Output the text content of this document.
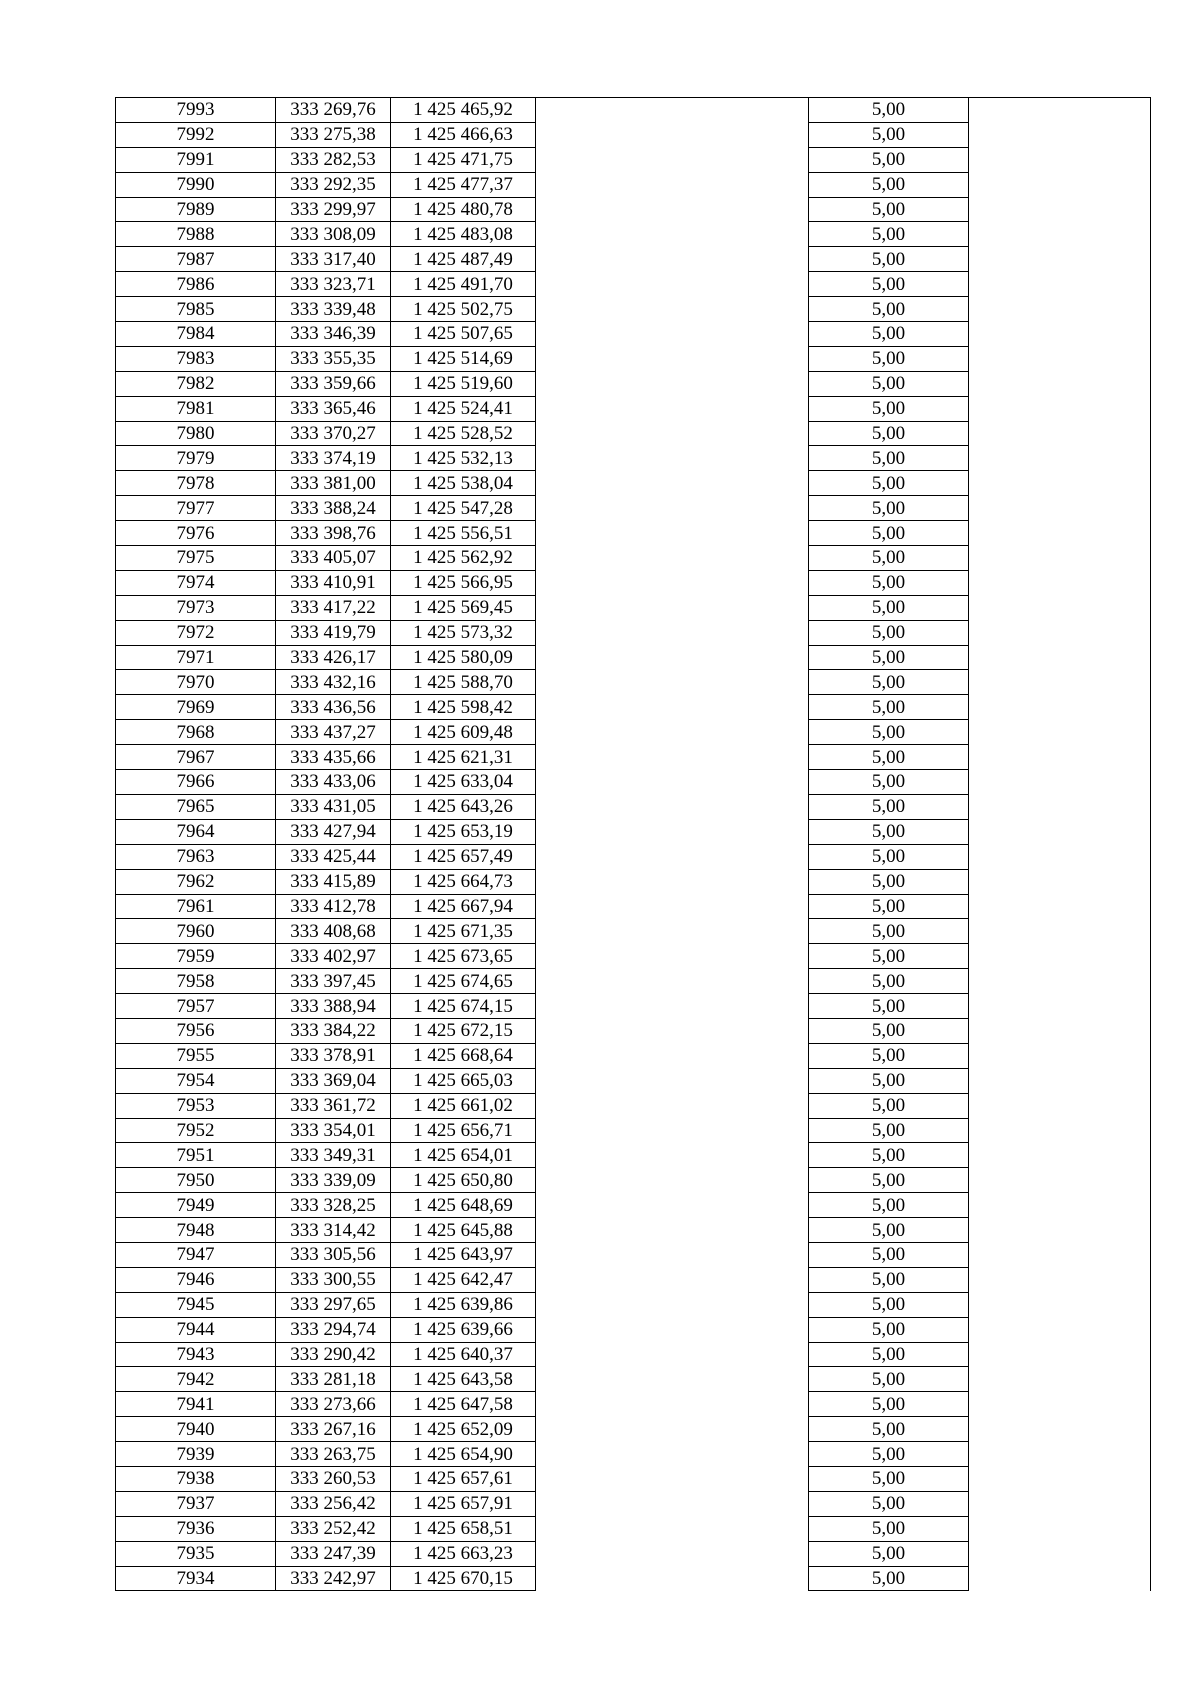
7993	333 269,76	1 425 465,92		5,00	
7992	333 275,38	1 425 466,63		5,00	
7991	333 282,53	1 425 471,75		5,00	
7990	333 292,35	1 425 477,37		5,00	
7989	333 299,97	1 425 480,78		5,00	
7988	333 308,09	1 425 483,08		5,00	
7987	333 317,40	1 425 487,49		5,00	
7986	333 323,71	1 425 491,70		5,00	
7985	333 339,48	1 425 502,75		5,00	
7984	333 346,39	1 425 507,65		5,00	
7983	333 355,35	1 425 514,69		5,00	
7982	333 359,66	1 425 519,60		5,00	
7981	333 365,46	1 425 524,41		5,00	
7980	333 370,27	1 425 528,52		5,00	
7979	333 374,19	1 425 532,13		5,00	
7978	333 381,00	1 425 538,04		5,00	
7977	333 388,24	1 425 547,28		5,00	
7976	333 398,76	1 425 556,51		5,00	
7975	333 405,07	1 425 562,92		5,00	
7974	333 410,91	1 425 566,95		5,00	
7973	333 417,22	1 425 569,45		5,00	
7972	333 419,79	1 425 573,32		5,00	
7971	333 426,17	1 425 580,09		5,00	
7970	333 432,16	1 425 588,70		5,00	
7969	333 436,56	1 425 598,42		5,00	
7968	333 437,27	1 425 609,48		5,00	
7967	333 435,66	1 425 621,31		5,00	
7966	333 433,06	1 425 633,04		5,00	
7965	333 431,05	1 425 643,26		5,00	
7964	333 427,94	1 425 653,19		5,00	
7963	333 425,44	1 425 657,49		5,00	
7962	333 415,89	1 425 664,73		5,00	
7961	333 412,78	1 425 667,94		5,00	
7960	333 408,68	1 425 671,35		5,00	
7959	333 402,97	1 425 673,65		5,00	
7958	333 397,45	1 425 674,65		5,00	
7957	333 388,94	1 425 674,15		5,00	
7956	333 384,22	1 425 672,15		5,00	
7955	333 378,91	1 425 668,64		5,00	
7954	333 369,04	1 425 665,03		5,00	
7953	333 361,72	1 425 661,02		5,00	
7952	333 354,01	1 425 656,71		5,00	
7951	333 349,31	1 425 654,01		5,00	
7950	333 339,09	1 425 650,80		5,00	
7949	333 328,25	1 425 648,69		5,00	
7948	333 314,42	1 425 645,88		5,00	
7947	333 305,56	1 425 643,97		5,00	
7946	333 300,55	1 425 642,47		5,00	
7945	333 297,65	1 425 639,86		5,00	
7944	333 294,74	1 425 639,66		5,00	
7943	333 290,42	1 425 640,37		5,00	
7942	333 281,18	1 425 643,58		5,00	
7941	333 273,66	1 425 647,58		5,00	
7940	333 267,16	1 425 652,09		5,00	
7939	333 263,75	1 425 654,90		5,00	
7938	333 260,53	1 425 657,61		5,00	
7937	333 256,42	1 425 657,91		5,00	
7936	333 252,42	1 425 658,51		5,00	
7935	333 247,39	1 425 663,23		5,00	
7934	333 242,97	1 425 670,15		5,00	
